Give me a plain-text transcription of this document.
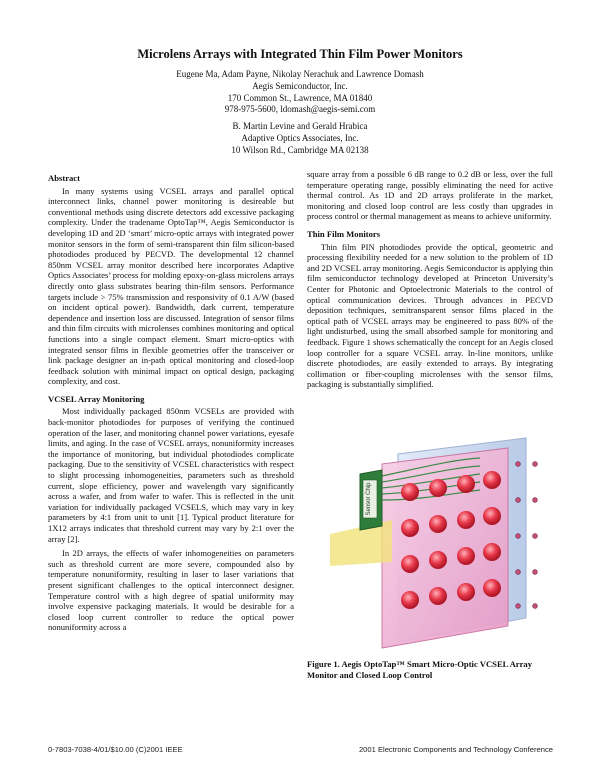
Microlens Arrays with Integrated Thin Film Power Monitors
Eugene Ma, Adam Payne, Nikolay Nerachuk and Lawrence Domash
Aegis Semiconductor, Inc.
170 Common St., Lawrence, MA 01840
978-975-5600, ldomash@aegis-semi.com
B. Martin Levine and Gerald Hrabica
Adaptive Optics Associates, Inc.
10 Wilson Rd., Cambridge MA 02138
Abstract

In many systems using VCSEL arrays and parallel optical interconnect links, channel power monitoring is desireable but conventional methods using discrete detectors add excessive packaging complexity. Under the tradename OptoTap™, Aegis Semiconductor is developing 1D and 2D ‘smart’ micro-optic arrays with integrated power monitor sensors in the form of semi-transparent thin film silicon-based photodiodes produced by PECVD. The developmental 12 channel 850nm VCSEL array monitor described here incorporates Adaptive Optics Associates’ process for molding epoxy-on-glass microlens arrays directly onto glass substrates bearing thin-film sensors. Performance targets include > 75% transmission and responsivity of 0.1 A/W (based on incident optical power). Bandwidth, dark current, temperature dependence and insertion loss are discussed. Integration of sensor films and thin film circuits with microlenses combines monitoring and optical functions into a single compact element. Smart micro-optics with integrated sensor films in flexible geometries offer the transceiver or link package designer an in-path optical monitoring and closed-loop feedback solution with minimal impact on optical design, packaging complexity, and cost.

VCSEL Array Monitoring

Most individually packaged 850nm VCSELs are provided with back-monitor photodiodes for purposes of verifying the continued operation of the laser, and monitoring channel power variations, eyesafe limits, and aging. In the case of VCSEL arrays, nonuniformity increases the importance of monitoring, but individual photodiodes complicate packaging. Due to the sensitivity of VCSEL characteristics with respect to slight processing inhomogeneities, parameters such as threshold current, slope efficiency, power and wavelength vary significantly across a wafer, and from wafer to wafer. This is reflected in the unit variation for individually packaged VCSELS, which may vary in key parameters by 4:1 from unit to unit [1]. Typical product literature for 1X12 arrays indicates that threshold current may vary by 2:1 over the array [2].

In 2D arrays, the effects of wafer inhomogeneities on parameters such as threshold current are more severe, compounded also by temperature nonuniformity, resulting in laser to laser variations that present significant challenges to the optical interconnect designer. Temperature control with a high degree of spatial uniformity may involve expensive packaging materials. It would be desirable for a closed loop current controller to reduce the optical power nonuniformity across a

square array from a possible 6 dB range to 0.2 dB or less, over the full temperature operating range, possibly eliminating the need for active thermal control. As 1D and 2D arrays proliferate in the market, monitoring and closed loop control are less costly than upgrades in process control or thermal management as means to achieve uniformity.

Thin Film Monitors

Thin film PIN photodiodes provide the optical, geometric and processing flexibility needed for a new solution to the problem of 1D and 2D VCSEL array monitoring. Aegis Semiconductor is applying thin film semiconductor technology developed at Princeton University’s Center for Photonic and Optoelectronic Materials to the control of optical communication devices. Through advances in PECVD deposition techniques, semitransparent sensor films placed in the optical path of VCSEL arrays may be engineered to pass 80% of the light undisturbed, using the small absorbed sample for monitoring and feedback. Figure 1 shows schematically the concept for an Aegis closed loop controller for a square VCSEL array. In-line monitors, unlike discrete photodiodes, are easily extended to arrays. By integrating collimation or fiber-coupling microlenses with the sensor films, packaging is substantially simplified.

Sensor Chip
Figure 1. Aegis OptoTap™ Smart Micro-Optic VCSEL Array Monitor and Closed Loop Control
0-7803-7038-4/01/$10.00 (C)2001 IEEE	2001 Electronic Components and Technology Conference
